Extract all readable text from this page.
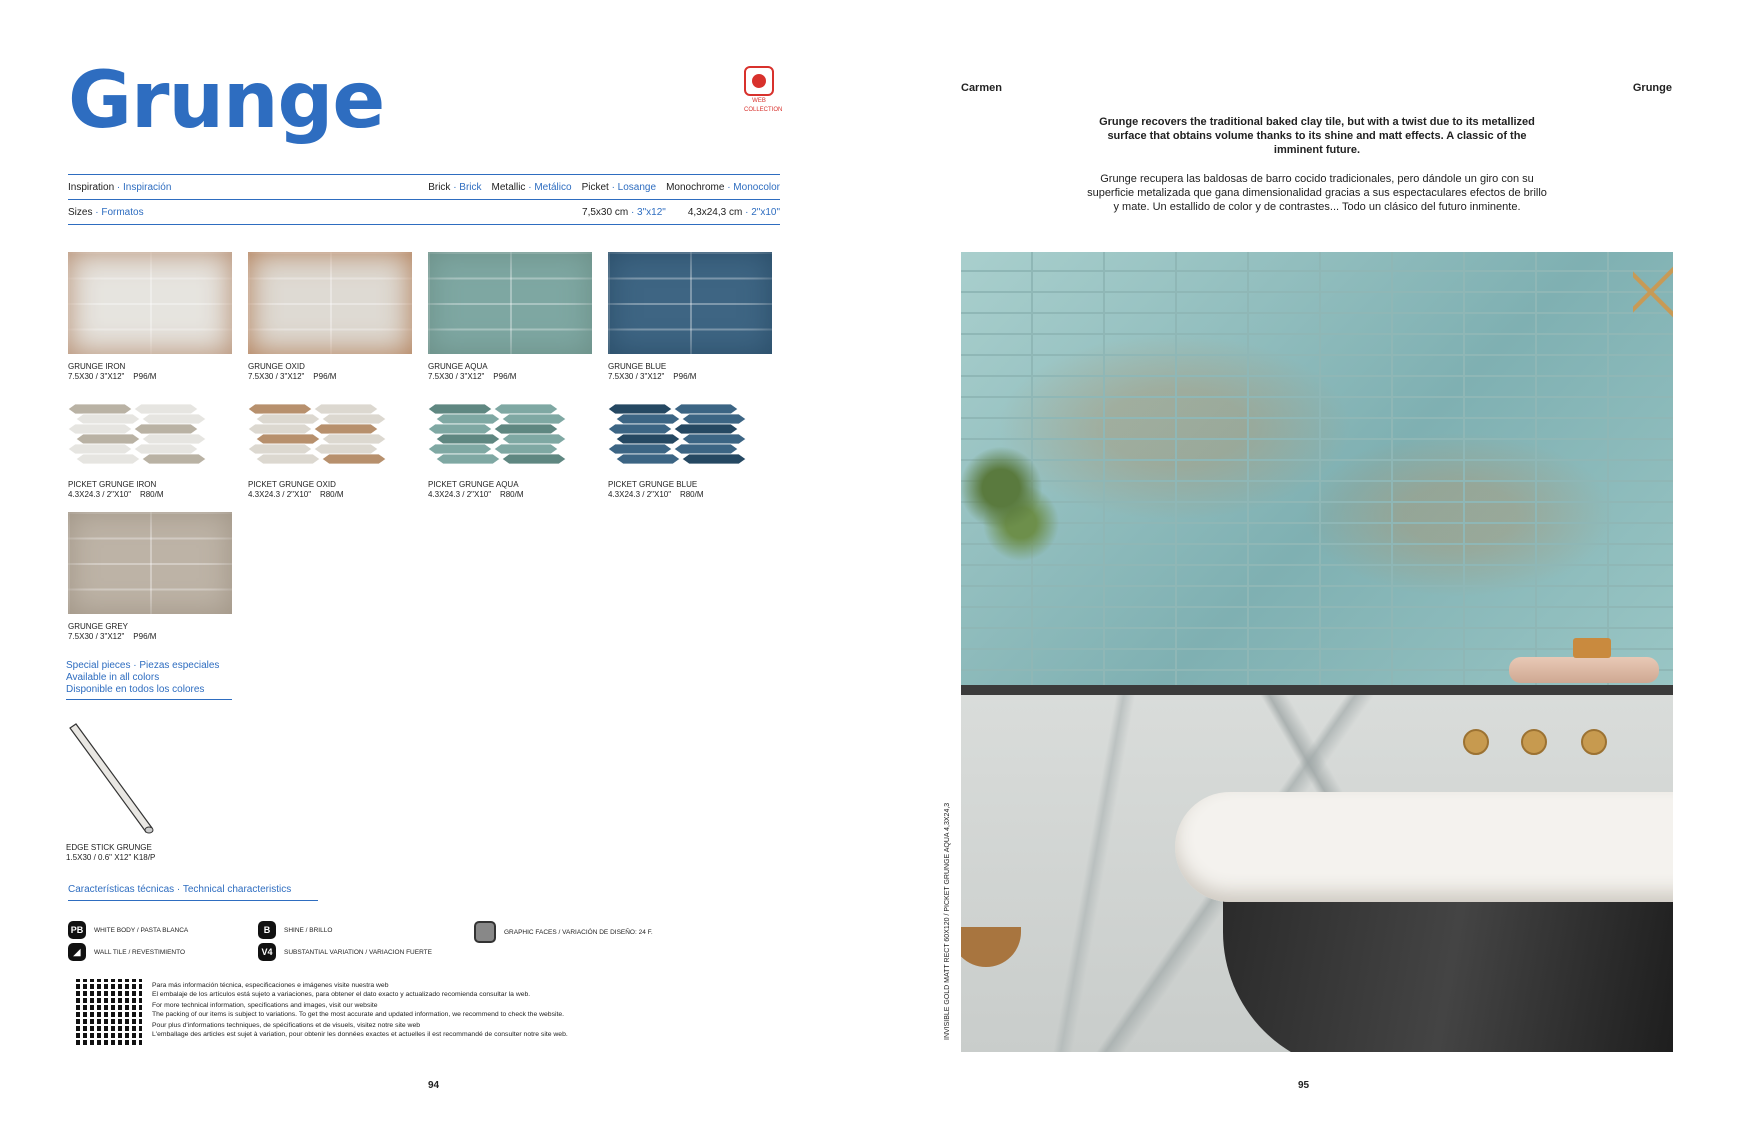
Grunge	WEB
COLLECTION
Inspiration · Inspiración	Brick · Brick Metallic · Metálico Picket · Losange Monochrome · Monocolor
Sizes · Formatos	7,5x30 cm · 3"x12" 4,3x24,3 cm · 2"x10"
GRUNGE IRON
7.5X30 / 3"X12"    P96/M
GRUNGE OXID
7.5X30 / 3"X12"    P96/M
GRUNGE AQUA
7.5X30 / 3"X12"    P96/M
GRUNGE BLUE
7.5X30 / 3"X12"    P96/M
PICKET GRUNGE IRON
4.3X24.3 / 2"X10"    R80/M
PICKET GRUNGE OXID
4.3X24.3 / 2"X10"    R80/M
PICKET GRUNGE AQUA
4.3X24.3 / 2"X10"    R80/M
PICKET GRUNGE BLUE
4.3X24.3 / 2"X10"    R80/M
GRUNGE GREY
7.5X30 / 3"X12"    P96/M
Special pieces · Piezas especiales
Available in all colors
Disponible en todos los colores
EDGE STICK GRUNGE
1.5X30 / 0.6" X12" K18/P
Características técnicas · Technical characteristics
PB	WHITE BODY / PASTA BLANCA	B	SHINE / BRILLO	GRAPHIC FACES / VARIACIÓN DE DISEÑO: 24 F.
◢	WALL TILE / REVESTIMIENTO	V4	SUBSTANTIAL VARIATION / VARIACION FUERTE
Para más información técnica, especificaciones e imágenes visite nuestra web
El embalaje de los artículos está sujeto a variaciones, para obtener el dato exacto y actualizado recomienda consultar la web.
For more technical information, specifications and images, visit our website
The packing of our items is subject to variations. To get the most accurate and updated information, we recommend to check the website.
Pour plus d'informations techniques, de spécifications et de visuels, visitez notre site web
L'emballage des articles est sujet à variation, pour obtenir les données exactes et actuelles il est recommandé de consulter notre site web.
94
Carmen	Grunge
Grunge recovers the traditional baked clay tile, but with a twist due to its metallized surface that obtains volume thanks to its shine and matt effects. A classic of the imminent future.
Grunge recupera las baldosas de barro cocido tradicionales, pero dándole un giro con su superficie metalizada que gana dimensionalidad gracias a sus espectaculares efectos de brillo y mate. Un estallido de color y de contrastes... Todo un clásico del futuro inminente.
INVISIBLE GOLD MATT RECT 60X120 / PICKET GRUNGE AQUA 4,3X24,3
95
